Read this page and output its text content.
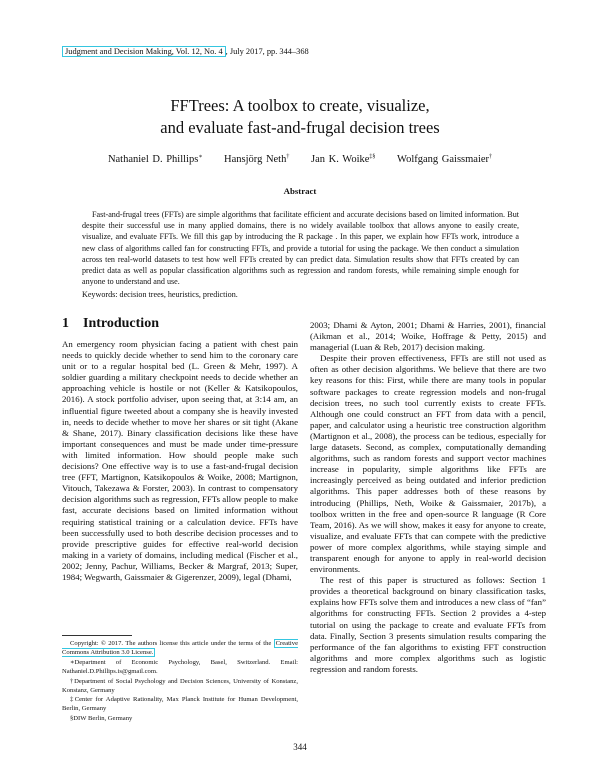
Judgment and Decision Making, Vol. 12, No. 4 , July 2017, pp. 344–368
FFTrees: A toolbox to create, visualize,
and evaluate fast-and-frugal decision trees
Nathaniel D. Phillips∗ Hansjörg Neth† Jan K. Woike‡§ Wolfgang Gaissmaier†
Abstract

Fast-and-frugal trees (FFTs) are simple algorithms that facilitate efficient and accurate decisions based on limited information. But despite their successful use in many applied domains, there is no widely available toolbox that allows anyone to easily create, visualize, and evaluate FFTs. We fill this gap by introducing the R package . In this paper, we explain how FFTs work, introduce a new class of algorithms called fan for constructing FFTs, and provide a tutorial for using the package. We then conduct a simulation across ten real-world datasets to test how well FFTs created by can predict data. Simulation results show that FFTs created by can predict data as well as popular classification algorithms such as regression and random forests, while remaining simple enough for anyone to understand and use.

Keywords: decision trees, heuristics, prediction.
1 Introduction

An emergency room physician facing a patient with chest pain needs to quickly decide whether to send him to the coronary care unit or to a regular hospital bed (L. Green & Mehr, 1997). A soldier guarding a military checkpoint needs to decide whether an approaching vehicle is hostile or not (Keller & Katsikopoulos, 2016). A stock portfolio adviser, upon seeing that, at 3:14 am, an influential figure tweeted about a company she is heavily invested in, needs to decide whether to move her shares or sit tight (Akane & Shane, 2017). Binary classification decisions like these have important consequences and must be made under time-pressure with limited information. How should people make such decisions? One effective way is to use a fast-and-frugal decision tree (FFT, Martignon, Katsikopoulos & Woike, 2008; Martignon, Vitouch, Takezawa & Forster, 2003). In contrast to compensatory decision algorithms such as regression, FFTs allow people to make fast, accurate decisions based on limited information without requiring statistical training or a calculation device. FFTs have been successfully used to both describe decision processes and to provide prescriptive guides for effective real-world decision making in a variety of domains, including medical (Fischer et al., 2002; Jenny, Pachur, Williams, Becker & Margraf, 2013; Super, 1984; Wegwarth, Gaissmaier & Gigerenzer, 2009), legal (Dhami,

2003; Dhami & Ayton, 2001; Dhami & Harries, 2001), financial (Aikman et al., 2014; Woike, Hoffrage & Petty, 2015) and managerial (Luan & Reb, 2017) decision making.

Despite their proven effectiveness, FFTs are still not used as often as other decision algorithms. We believe that there are two key reasons for this: First, while there are many tools in popular software packages to create regression models and non-frugal decision trees, no such tool currently exists to create FFTs. Although one could construct an FFT from data with a pencil, paper, and calculator using a heuristic tree construction algorithm (Martignon et al., 2008), the process can be tedious, especially for large datasets. Second, as complex, computationally demanding algorithms, such as random forests and support vector machines increase in popularity, simple algorithms like FFTs are increasingly perceived as being outdated and inferior prediction algorithms. This paper addresses both of these reasons by introducing (Phillips, Neth, Woike & Gaissmaier, 2017b), a toolbox written in the free and open-source R language (R Core Team, 2016). As we will show, makes it easy for anyone to create, visualize, and evaluate FFTs that can compete with the predictive power of more complex algorithms, while staying simple and transparent enough for anyone to apply in real-world decision environments.

The rest of this paper is structured as follows: Section 1 provides a theoretical background on binary classification tasks, explains how FFTs solve them and introduces a new class of “fan” algorithms for constructing FFTs. Section 2 provides a 4-step tutorial on using the package to create and evaluate FFTs from data. Finally, Section 3 presents simulation results comparing the performance of the fan algorithms to existing FFT construction algorithms and more complex algorithms such as logistic regression and random forests.

Copyright: © 2017. The authors license this article under the terms of the Creative Commons Attribution 3.0 License.

∗Department of Economic Psychology, Basel, Switzerland. Email: Nathaniel.D.Phillips.is@gmail.com.

†Department of Social Psychology and Decision Sciences, University of Konstanz, Konstanz, Germany

‡Center for Adaptive Rationality, Max Planck Institute for Human Development, Berlin, Germany

§DIW Berlin, Germany

344
